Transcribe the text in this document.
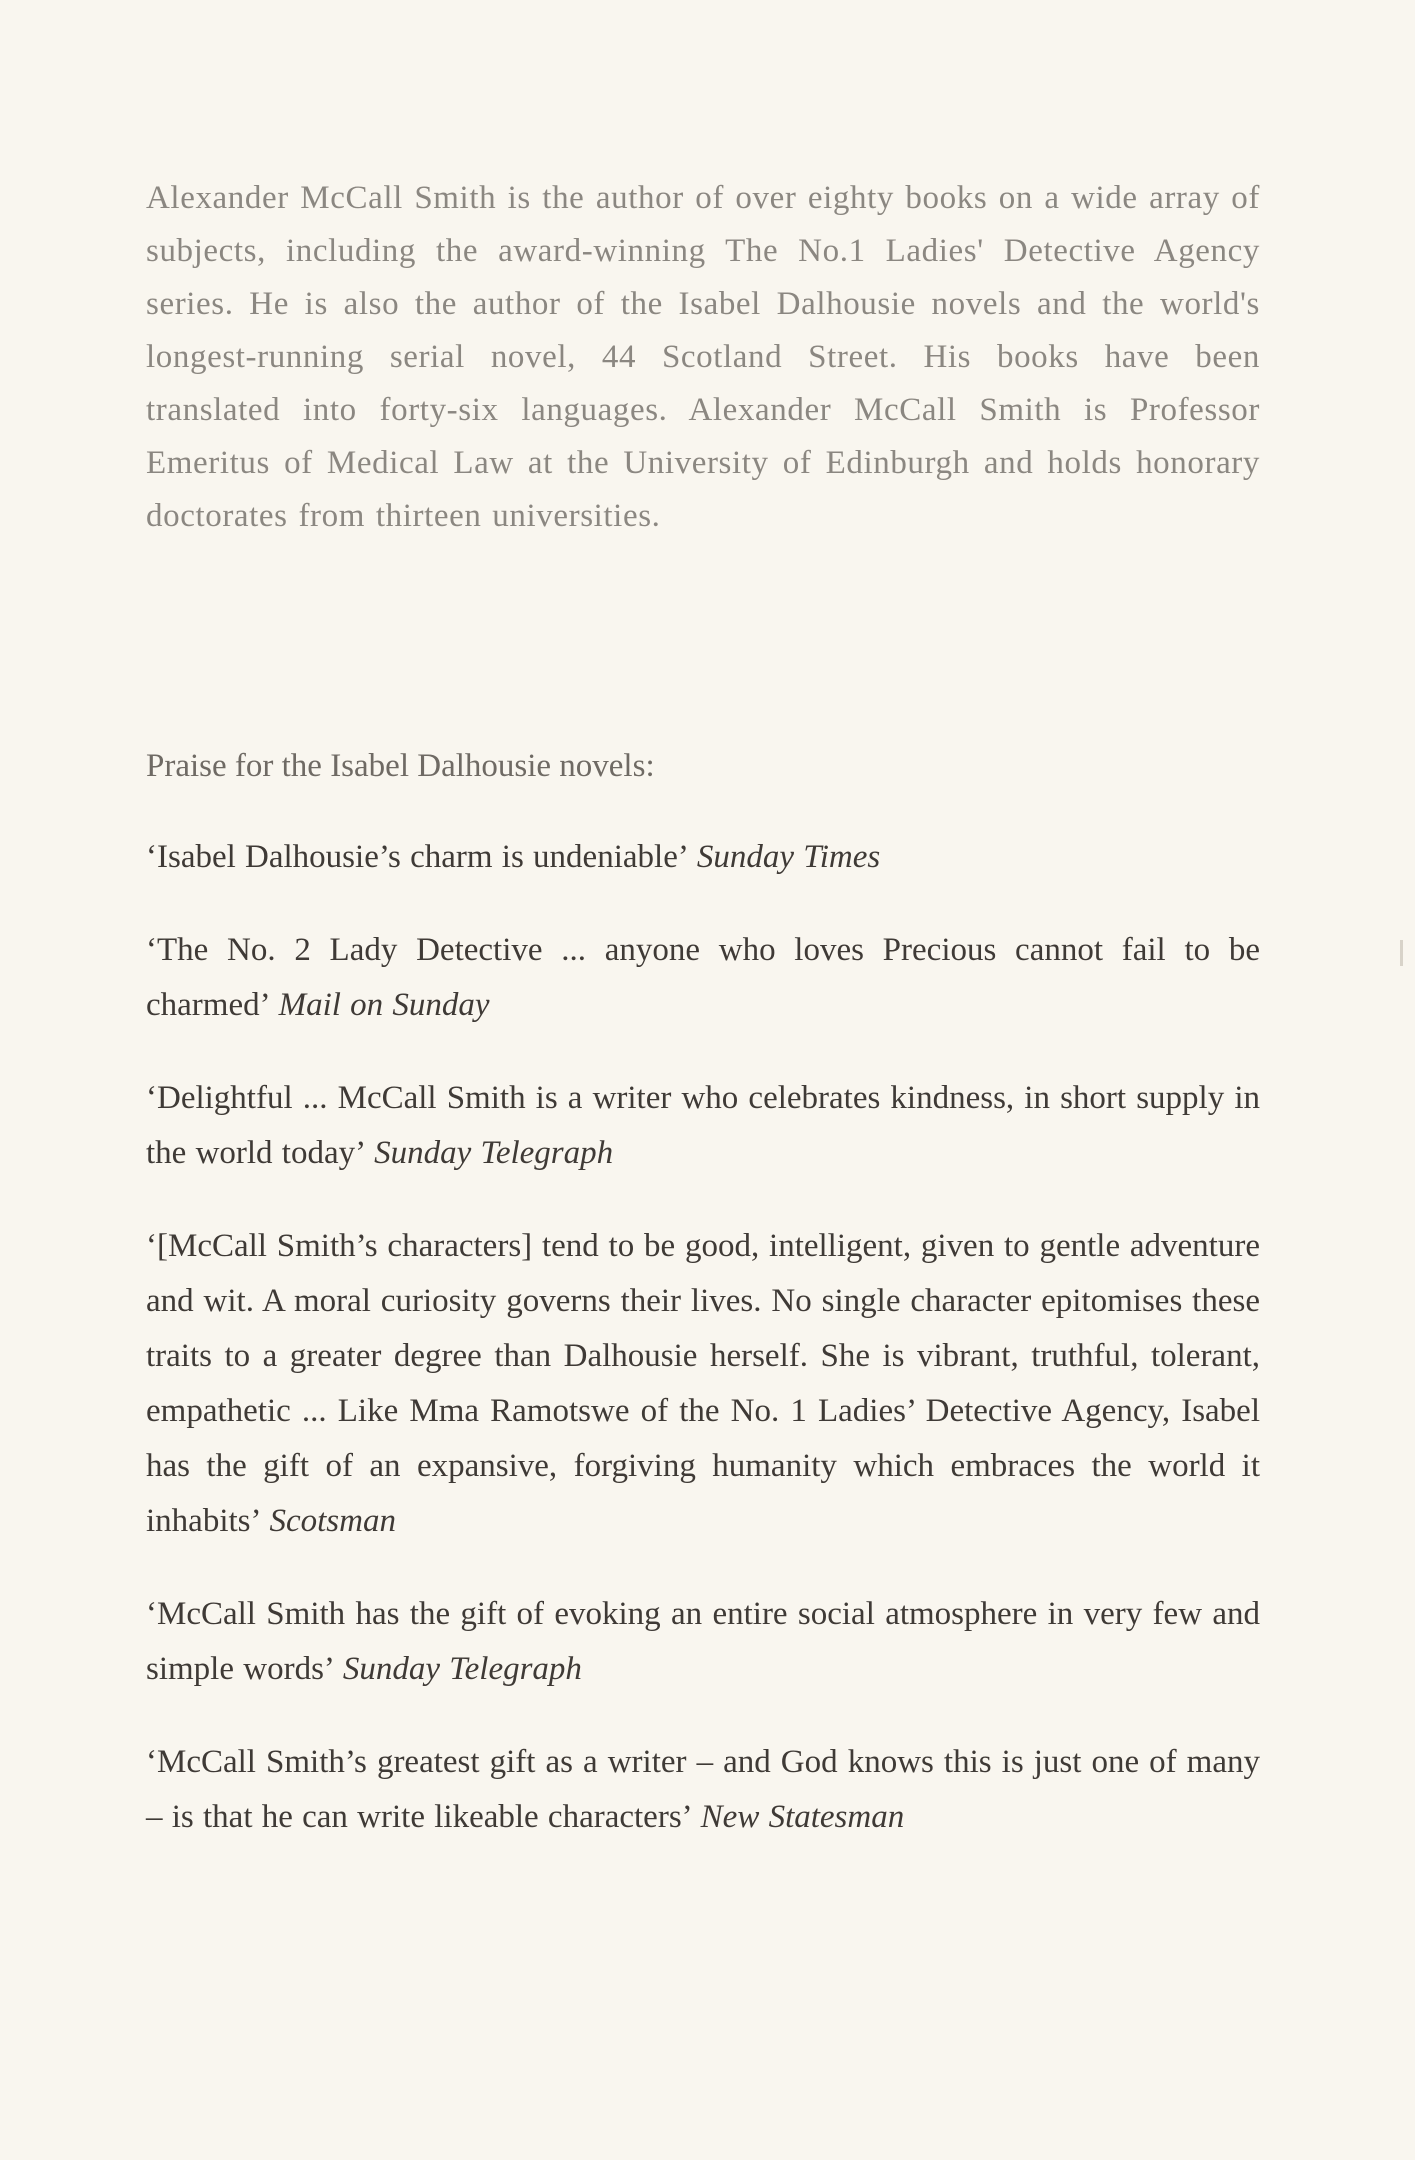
Alexander McCall Smith is the author of over eighty books on a wide array of subjects, including the award-winning The No.1 Ladies' Detective Agency series. He is also the author of the Isabel Dalhousie novels and the world's longest-running serial novel, 44 Scotland Street. His books have been translated into forty-six languages. Alexander McCall Smith is Professor Emeritus of Medical Law at the University of Edinburgh and holds honorary doctorates from thirteen universities.
Praise for the Isabel Dalhousie novels:

‘Isabel Dalhousie’s charm is undeniable’ Sunday Times

‘The No. 2 Lady Detective ... anyone who loves Precious cannot fail to be charmed’ Mail on Sunday

‘Delightful ... McCall Smith is a writer who celebrates kindness, in short supply in the world today’ Sunday Telegraph

‘[McCall Smith’s characters] tend to be good, intelligent, given to gentle adventure and wit. A moral curiosity governs their lives. No single character epitomises these traits to a greater degree than Dalhousie herself. She is vibrant, truthful, tolerant, empathetic ... Like Mma Ramotswe of the No. 1 Ladies’ Detective Agency, Isabel has the gift of an expansive, forgiving humanity which embraces the world it inhabits’ Scotsman

‘McCall Smith has the gift of evoking an entire social atmosphere in very few and simple words’ Sunday Telegraph

‘McCall Smith’s greatest gift as a writer – and God knows this is just one of many – is that he can write likeable characters’ New Statesman
